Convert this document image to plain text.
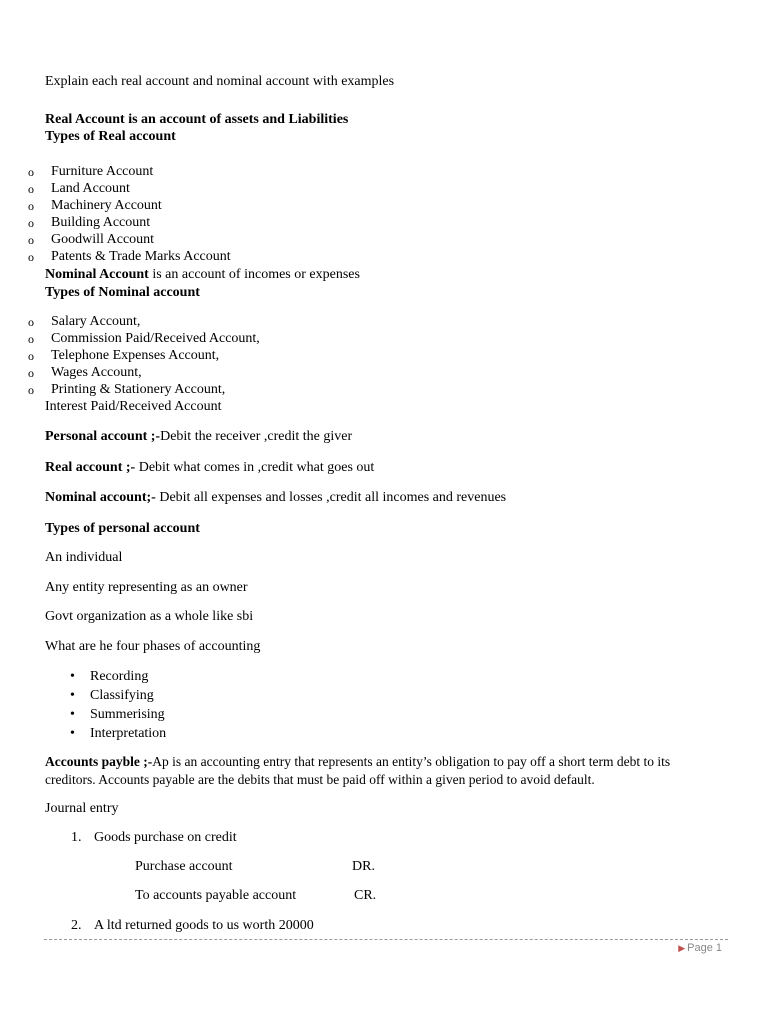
Explain each real account and nominal account with examples
Real Account is an account of assets and Liabilities
Types of Real account
o Furniture Account
o Land Account
o Machinery Account
o Building Account
o Goodwill Account
o Patents & Trade Marks Account
Nominal Account is an account of incomes or expenses
Types of Nominal account
o Salary Account,
o Commission Paid/Received Account,
o Telephone Expenses Account,
o Wages Account,
o Printing & Stationery Account,
Interest Paid/Received Account
Personal account ;-Debit the receiver ,credit the giver
Real account ;- Debit what comes in ,credit what goes out
Nominal account;- Debit all expenses and losses ,credit all incomes and revenues
Types of personal account
An individual
Any entity representing as an owner
Govt organization as a whole like sbi
What are he four phases of accounting
• Recording
• Classifying
• Summerising
• Interpretation
Accounts payble ;-Ap is an accounting entry that represents an entity’s obligation to pay off a short term debt to its
creditors. Accounts payable are the debits that must be paid off within a given period to avoid default.
Journal entry
1. Goods purchase on credit
Purchase account	DR.
To accounts payable account	CR.
2. A ltd returned goods to us worth 20000
▶ Page 1
